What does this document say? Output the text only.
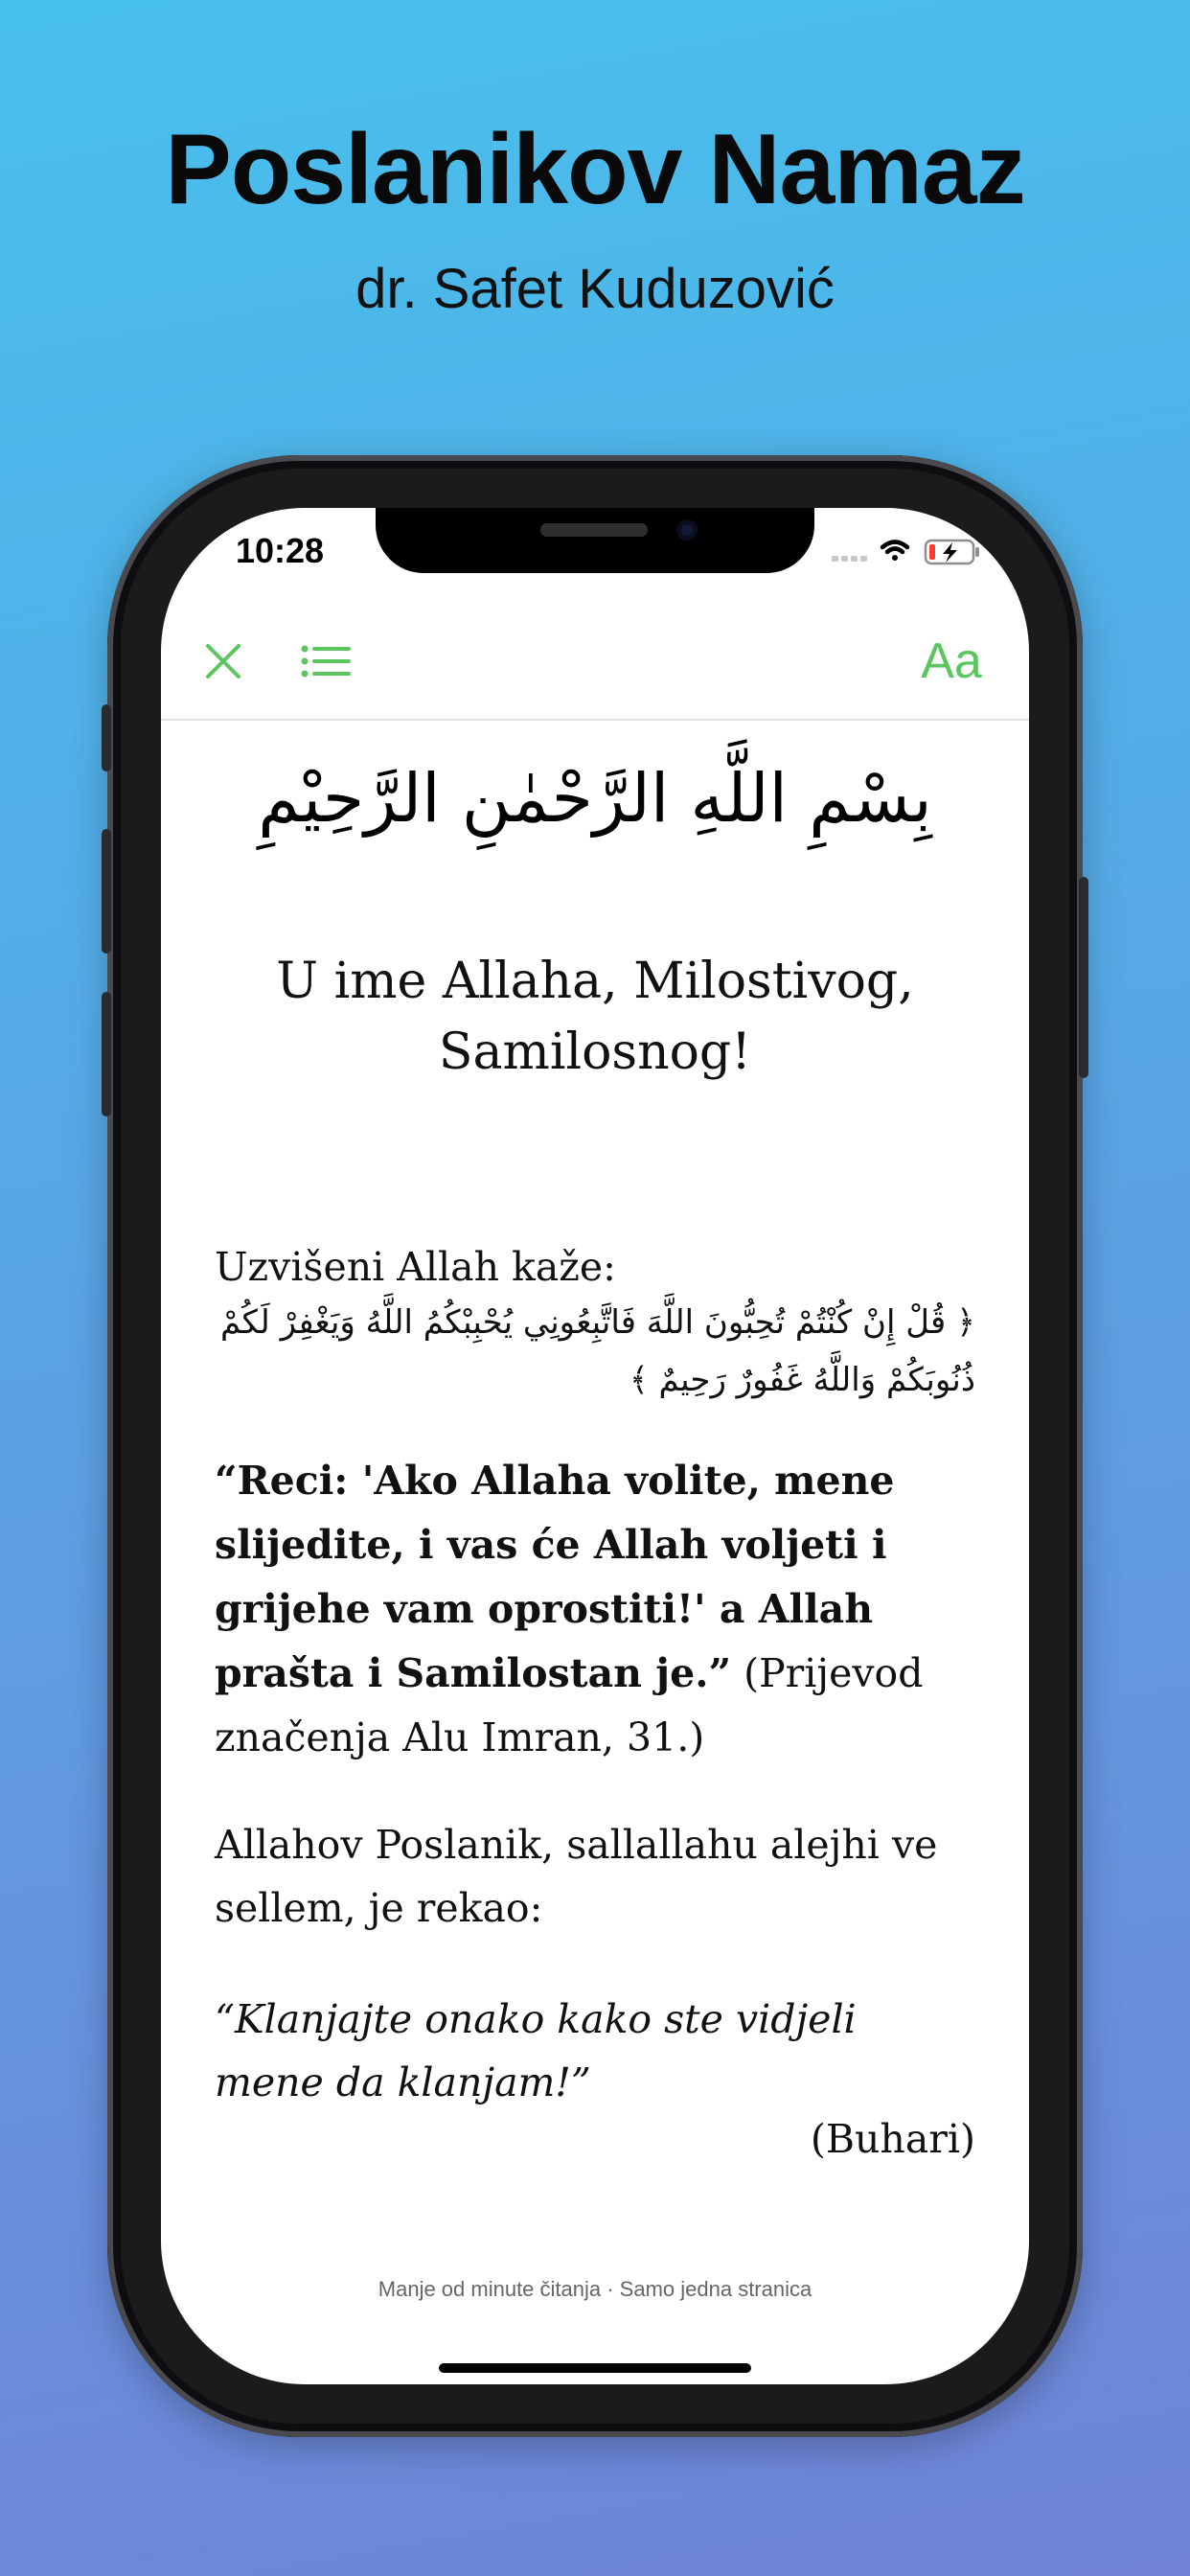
Poslanikov Namaz

dr. Safet Kuduzović

10:28
Aa
بِسْمِ اللَّهِ الرَّحْمٰنِ الرَّحِيْمِ
U ime Allaha, Milostivog, Samilosnog!
Uzvišeni Allah kaže:
﴿ قُلْ إِنْ كُنْتُمْ تُحِبُّونَ اللَّهَ فَاتَّبِعُونِي يُحْبِبْكُمُ اللَّهُ وَيَغْفِرْ لَكُمْ ذُنُوبَكُمْ وَاللَّهُ غَفُورٌ رَحِيمٌ ﴾
“Reci: 'Ako Allaha volite, mene slijedite, i vas će Allah voljeti i grijehe vam oprostiti!' a Allah prašta i Samilostan je.” (Prijevod značenja Alu Imran, 31.)
Allahov Poslanik, sallallahu alejhi ve sellem, je rekao:
“Klanjajte onako kako ste vidjeli mene da klanjam!”
(Buhari)
Manje od minute čitanja · Samo jedna stranica
